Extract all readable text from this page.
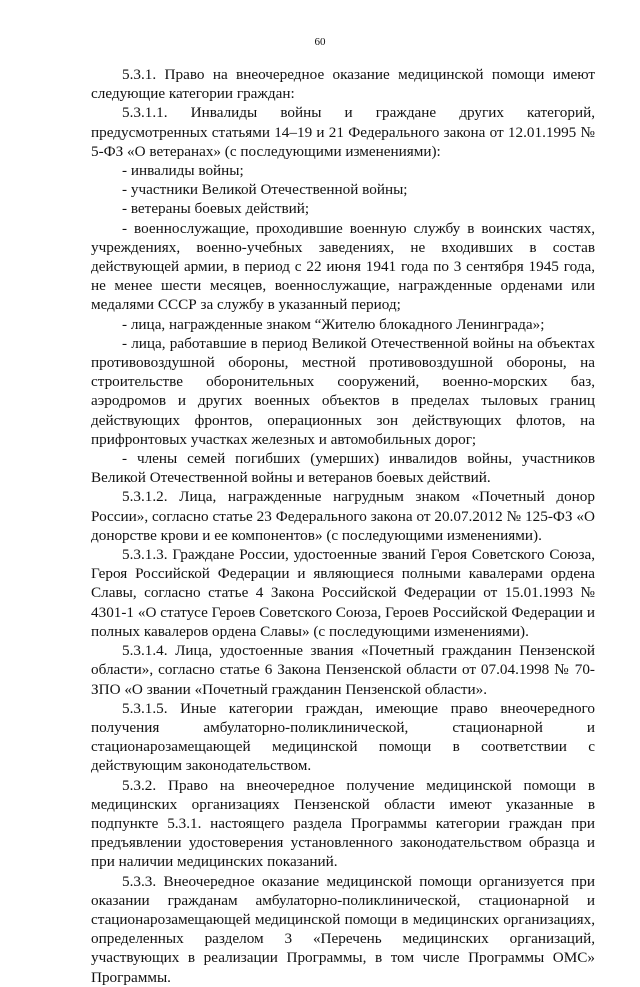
60

5.3.1. Право на внеочередное оказание медицинской помощи имеют следующие категории граждан:

5.3.1.1. Инвалиды войны и граждане других категорий, предусмотренных статьями 14–19 и 21 Федерального закона от 12.01.1995 № 5-ФЗ «О ветеранах» (с последующими изменениями):

- инвалиды войны;

- участники Великой Отечественной войны;

- ветераны боевых действий;

- военнослужащие, проходившие военную службу в воинских частях, учреждениях, военно-учебных заведениях, не входивших в состав действующей армии, в период с 22 июня 1941 года по 3 сентября 1945 года, не менее шести месяцев, военнослужащие, награжденные орденами или медалями СССР за службу в указанный период;

- лица, награжденные знаком “Жителю блокадного Ленинграда»;

- лица, работавшие в период Великой Отечественной войны на объектах противовоздушной обороны, местной противовоздушной обороны, на строительстве оборонительных сооружений, военно-морских баз, аэродромов и других военных объектов в пределах тыловых границ действующих фронтов, операционных зон действующих флотов, на прифронтовых участках железных и автомобильных дорог;

- члены семей погибших (умерших) инвалидов войны, участников Великой Отечественной войны и ветеранов боевых действий.

5.3.1.2. Лица, награжденные нагрудным знаком «Почетный донор России», согласно статье 23 Федерального закона от 20.07.2012 № 125-ФЗ «О донорстве крови и ее компонентов» (с последующими изменениями).

5.3.1.3. Граждане России, удостоенные званий Героя Советского Союза, Героя Российской Федерации и являющиеся полными кавалерами ордена Славы, согласно статье 4 Закона Российской Федерации от 15.01.1993 № 4301-1 «О статусе Героев Советского Союза, Героев Российской Федерации и полных кавалеров ордена Славы» (с последующими изменениями).

5.3.1.4. Лица, удостоенные звания «Почетный гражданин Пензенской области», согласно статье 6 Закона Пензенской области от 07.04.1998 № 70-ЗПО «О звании «Почетный гражданин Пензенской области».

5.3.1.5. Иные категории граждан, имеющие право внеочередного получения амбулаторно-поликлинической, стационарной и стационарозамещающей медицинской помощи в соответствии с действующим законодательством.

5.3.2. Право на внеочередное получение медицинской помощи в медицинских организациях Пензенской области имеют указанные в подпункте 5.3.1. настоящего раздела Программы категории граждан при предъявлении удостоверения установленного законодательством образца и при наличии медицинских показаний.

5.3.3. Внеочередное оказание медицинской помощи организуется при оказании гражданам амбулаторно-поликлинической, стационарной и стационарозамещающей медицинской помощи в медицинских организациях, определенных разделом 3 «Перечень медицинских организаций, участвующих в реализации Программы, в том числе Программы ОМС» Программы.
